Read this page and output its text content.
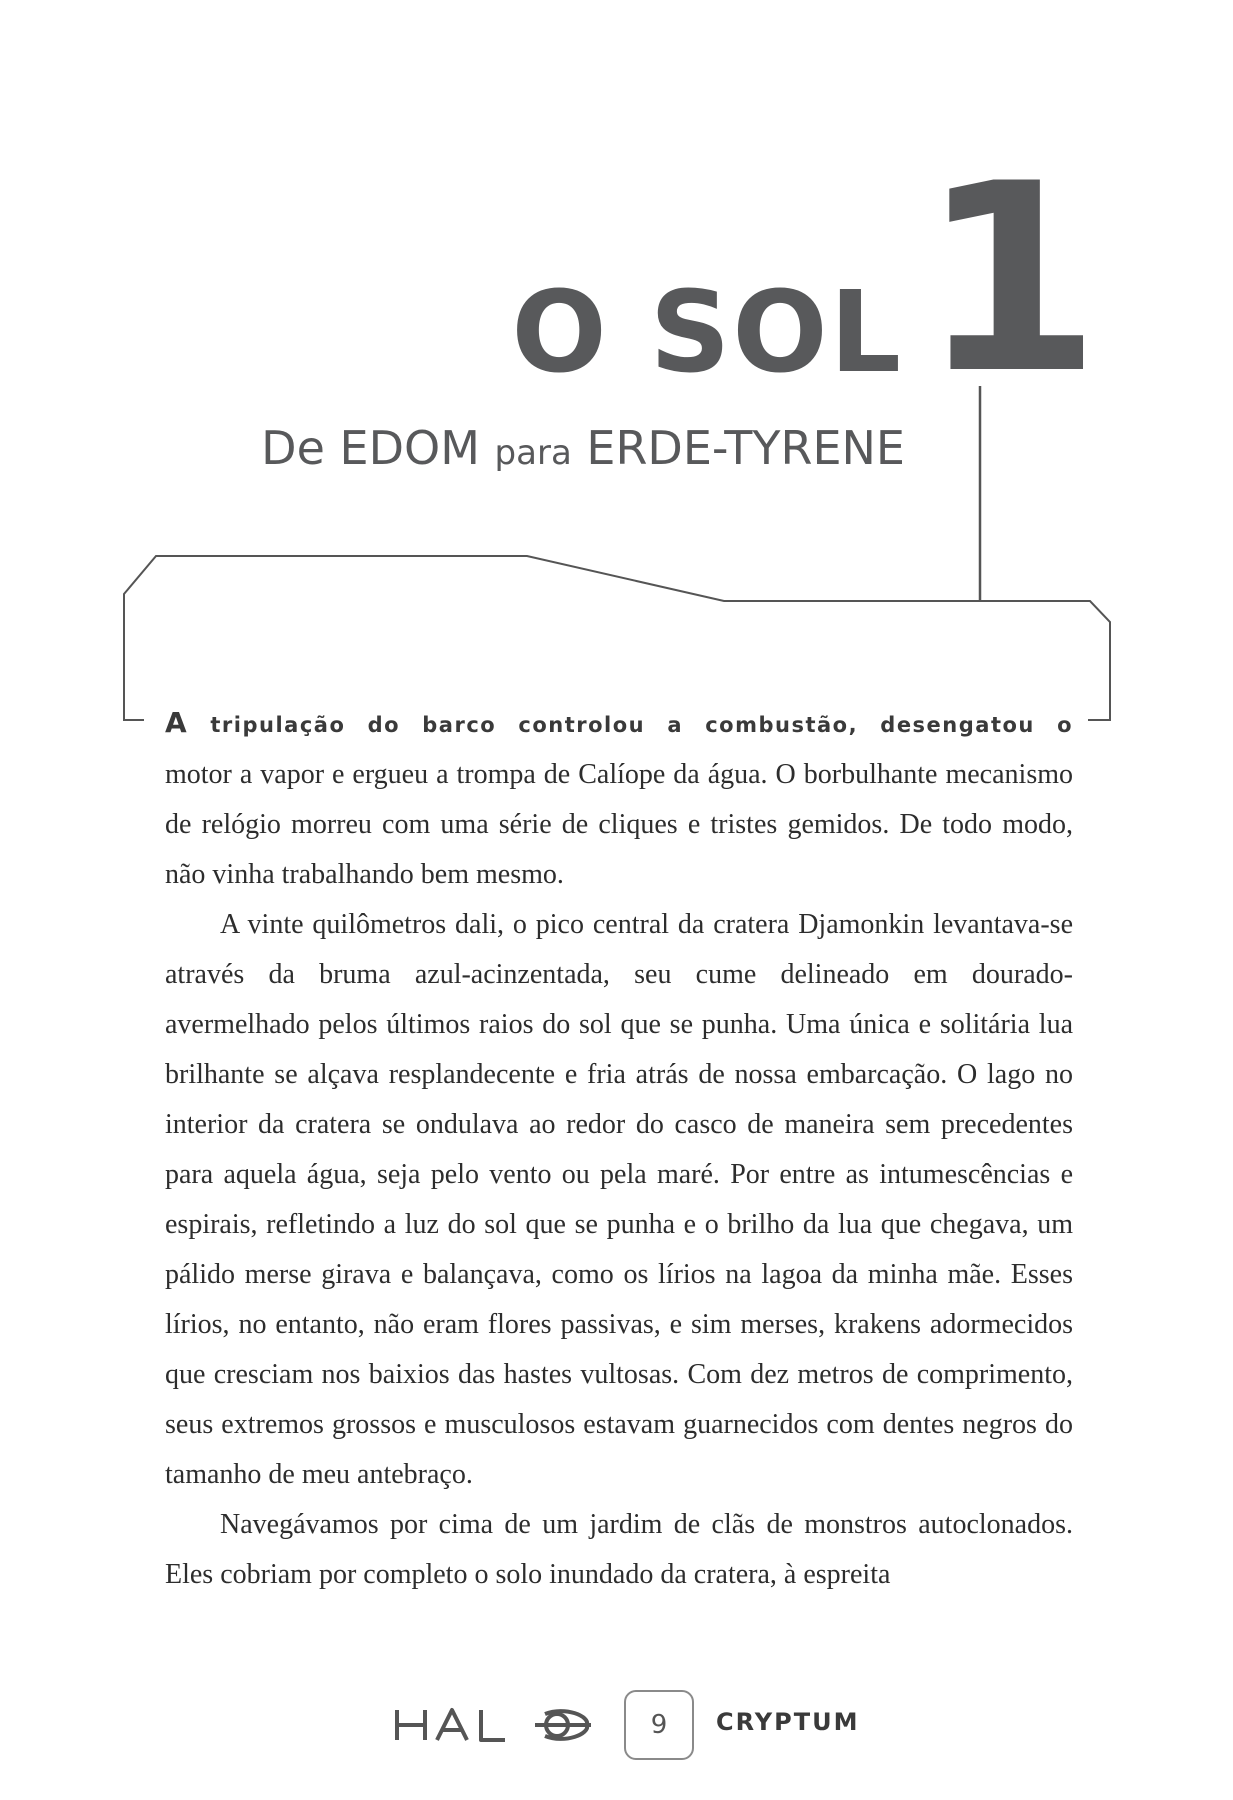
O SOL 1
De EDOM para ERDE-TYRENE

A tripulação do barco controlou a combustão, desengatou o motor a vapor e ergueu a trompa de Calíope da água. O borbulhante mecanismo de relógio morreu com uma série de cliques e tristes gemidos. De todo modo, não vinha trabalhando bem mesmo.

A vinte quilômetros dali, o pico central da cratera Djamonkin levantava-se através da bruma azul-acinzentada, seu cume delineado em dourado-avermelhado pelos últimos raios do sol que se punha. Uma única e solitária lua brilhante se alçava resplandecente e fria atrás de nossa embarcação. O lago no interior da cratera se ondulava ao redor do casco de maneira sem precedentes para aquela água, seja pelo vento ou pela maré. Por entre as intumescências e espirais, refletindo a luz do sol que se punha e o brilho da lua que chegava, um pálido merse girava e balançava, como os lírios na lagoa da minha mãe. Esses lírios, no entanto, não eram flores passivas, e sim merses, krakens adormecidos que cresciam nos baixios das hastes vultosas. Com dez metros de comprimento, seus extremos grossos e musculosos estavam guarnecidos com dentes negros do tamanho de meu antebraço.

Navegávamos por cima de um jardim de clãs de monstros autoclonados. Eles cobriam por completo o solo inundado da cratera, à espreita

9	CRYPTUM
